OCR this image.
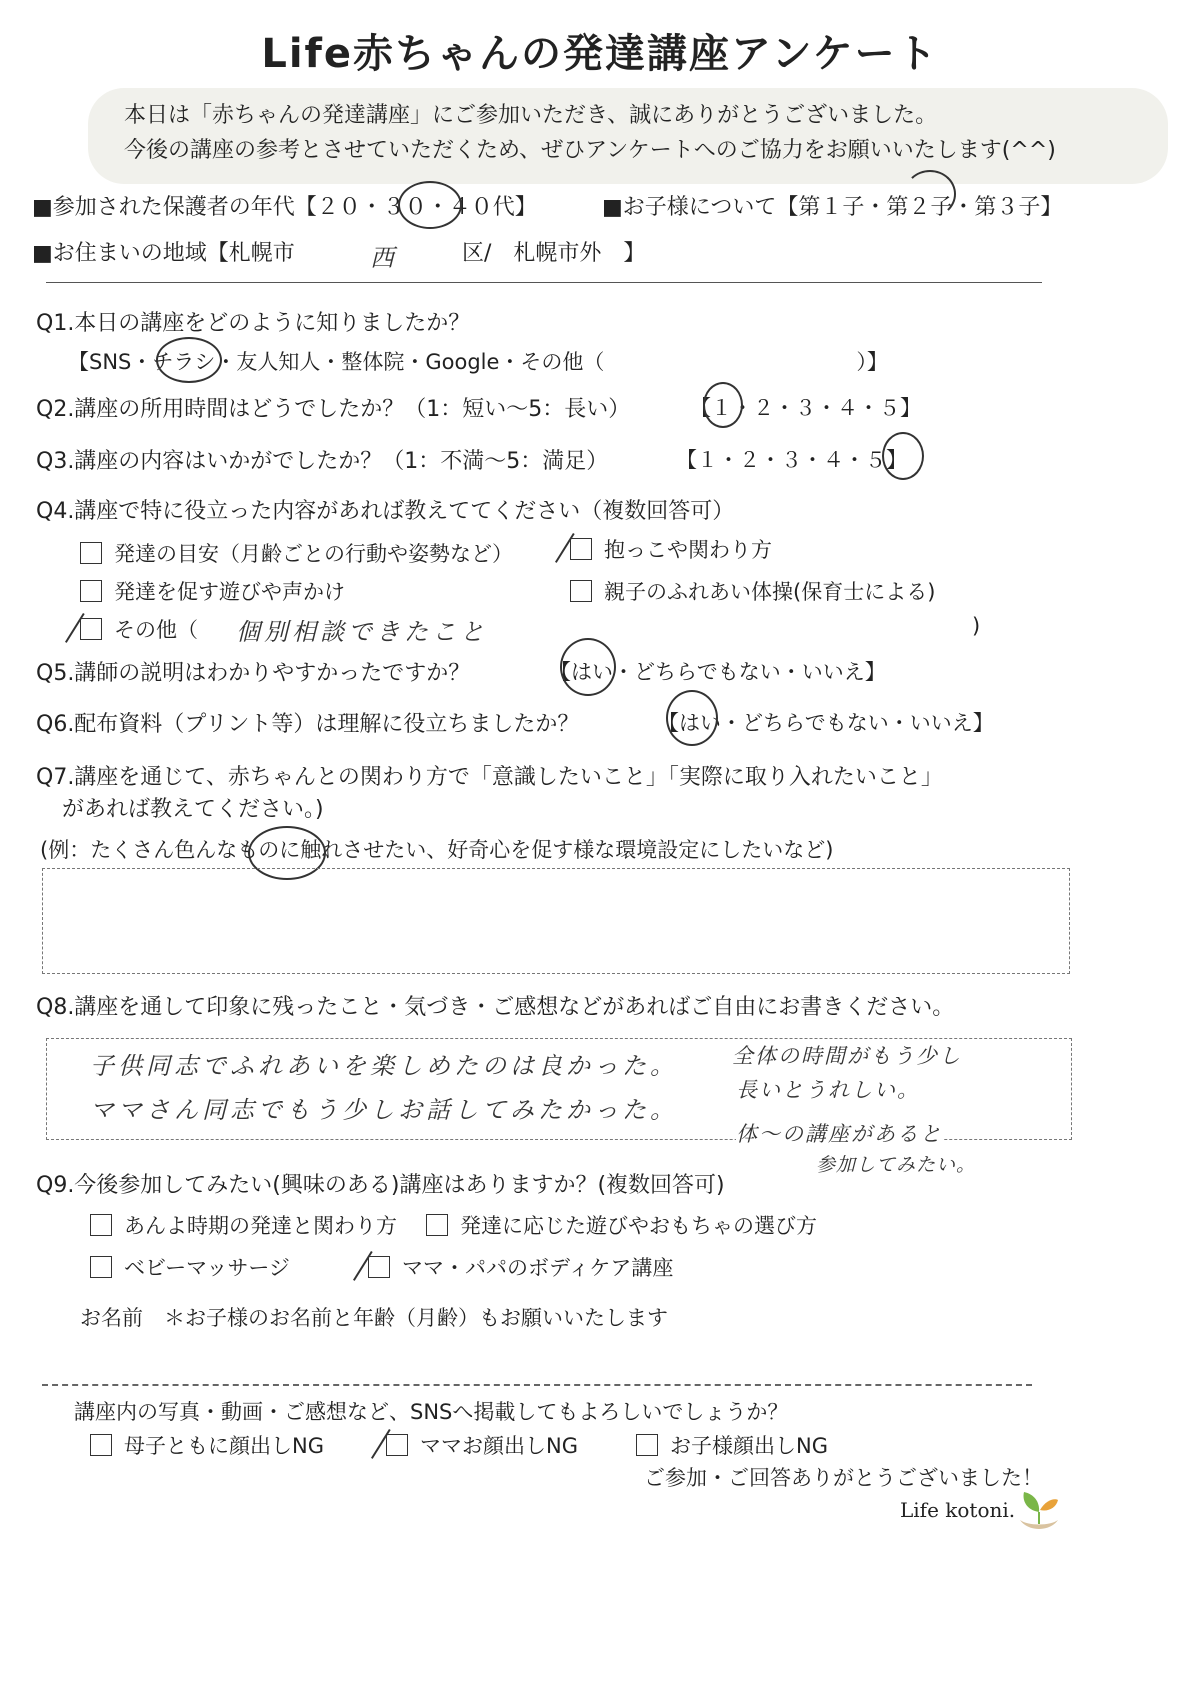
Life赤ちゃんの発達講座アンケート
本日は「赤ちゃんの発達講座」にご参加いただき、誠にありがとうございました。
今後の講座の参考とさせていただくため、ぜひアンケートへのご協力をお願いいたします(^^)
■参加された保護者の年代【２０・３０・４０代】	■お子様について【第１子・第２子・第３子】
■お住まいの地域【札幌市	西	区/　札幌市外　】
Q1.本日の講座をどのように知りましたか？
【SNS・チラシ・友人知人・整体院・Google・その他（　　　　　　　　　　　　）】
Q2.講座の所用時間はどうでしたか？（1：短い〜5：長い）	【１・２・３・４・５】
Q3.講座の内容はいかがでしたか？（1：不満〜5：満足）	【１・２・３・４・５】
Q4.講座で特に役立った内容があれば教えててください（複数回答可）
発達の目安（月齢ごとの行動や姿勢など）	抱っこや関わり方
発達を促す遊びや声かけ	親子のふれあい体操(保育士による)
その他（ 個別相談できたこと	)
Q5.講師の説明はわかりやすかったですか？	【はい・どちらでもない・いいえ】
Q6.配布資料（プリント等）は理解に役立ちましたか？	【はい・どちらでもない・いいえ】
Q7.講座を通じて、赤ちゃんとの関わり方で「意識したいこと」「実際に取り入れたいこと」
があれば教えてください。)
(例：たくさん色んなものに触れさせたい、好奇心を促す様な環境設定にしたいなど)
Q8.講座を通して印象に残ったこと・気づき・ご感想などがあればご自由にお書きください。
子供同志でふれあいを楽しめたのは良かった。
ママさん同志でもう少しお話してみたかった。
全体の時間がもう少し
長いとうれしい。
体〜の講座があると
参加してみたい。
Q9.今後参加してみたい(興味のある)講座はありますか？(複数回答可)
あんよ時期の発達と関わり方	発達に応じた遊びやおもちゃの選び方
ベビーマッサージ	ママ・パパのボディケア講座
お名前　＊お子様のお名前と年齢（月齢）もお願いいたします
講座内の写真・動画・ご感想など、SNSへ掲載してもよろしいでしょうか？
母子ともに顔出しNG	ママお顔出しNG	お子様顔出しNG
ご参加・ご回答ありがとうございました！
Life kotoni.
